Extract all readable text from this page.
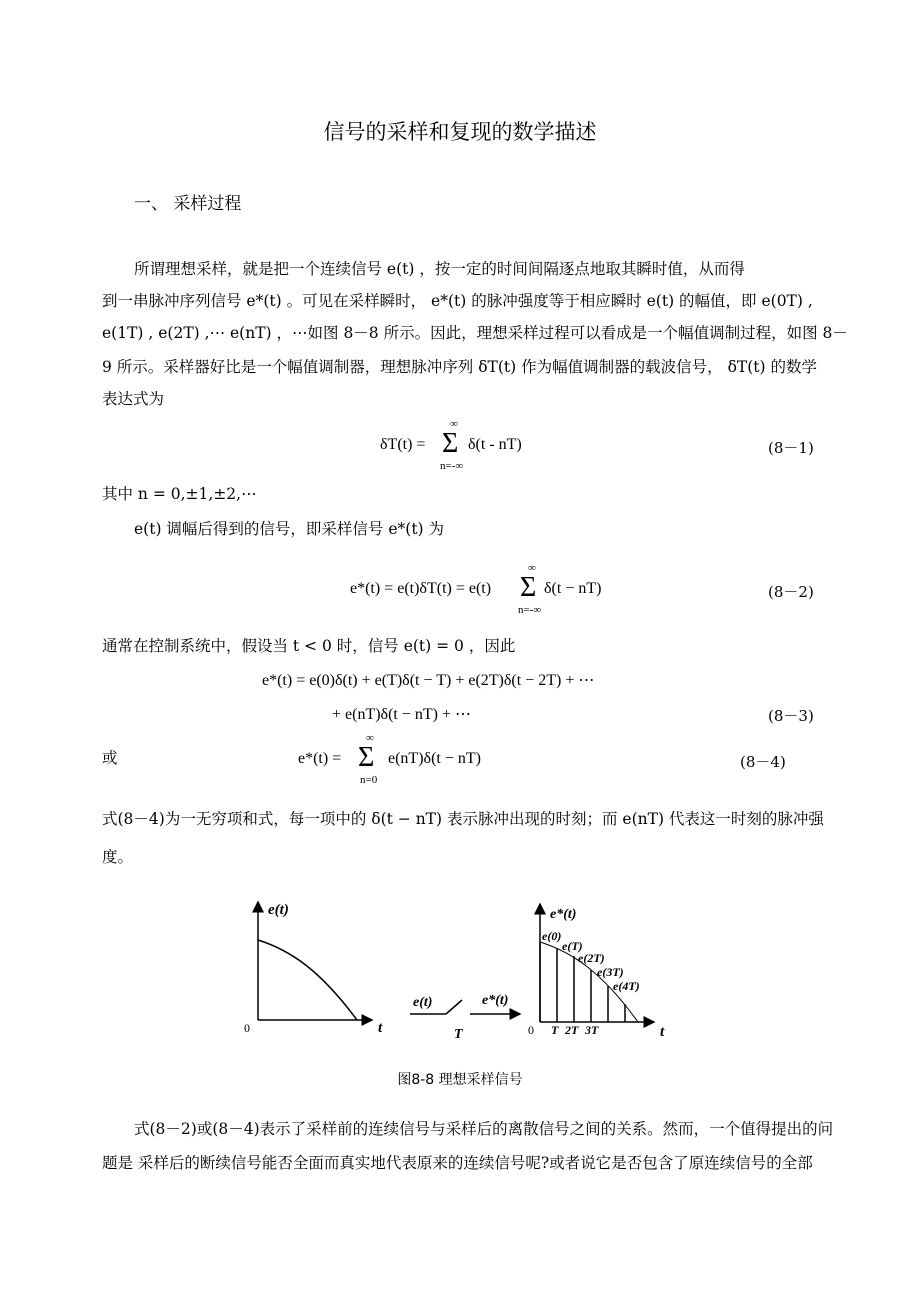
信号的采样和复现的数学描述
一、 采样过程
所谓理想采样，就是把一个连续信号 e(t) ，按一定的时间间隔逐点地取其瞬时值，从而得
到一串脉冲序列信号 e*(t) 。可见在采样瞬时， e*(t) 的脉冲强度等于相应瞬时 e(t) 的幅值，即 e(0T) ,
e(1T) , e(2T) ,⋯ e(nT) ，⋯如图 8－8 所示。因此，理想采样过程可以看成是一个幅值调制过程，如图 8－
9 所示。采样器好比是一个幅值调制器，理想脉冲序列 δT(t) 作为幅值调制器的载波信号， δT(t) 的数学
表达式为
δT(t) =
∞
Σ
n=-∞
δ(t - nT)	(8－1)
其中 n = 0,±1,±2,⋯
e(t) 调幅后得到的信号，即采样信号 e*(t) 为
e*(t) = e(t)δT(t) = e(t)
∞
Σ
n=-∞
δ(t − nT)	(8－2)
通常在控制系统中，假设当 t < 0 时，信号 e(t) = 0 ，因此
e*(t) = e(0)δ(t) + e(T)δ(t − T) + e(2T)δ(t − 2T) + ⋯
+ e(nT)δ(t − nT) + ⋯	(8－3)
或	e*(t) =
∞
Σ
n=0
e(nT)δ(t − nT)	(8－4)
式(8－4)为一无穷项和式，每一项中的 δ(t − nT) 表示脉冲出现的时刻；而 e(nT) 代表这一时刻的脉冲强
度。
e(t)
0	t
e(t)
T
e*(t)
e*(t)
e(0)
e(T)
e(2T)
e(3T)
e(4T)
0 T 2T 3T	t
图8-8 理想采样信号
式(8－2)或(8－4)表示了采样前的连续信号与采样后的离散信号之间的关系。然而，一个值得提出的问
题是 采样后的断续信号能否全面而真实地代表原来的连续信号呢?或者说它是否包含了原连续信号的全部
